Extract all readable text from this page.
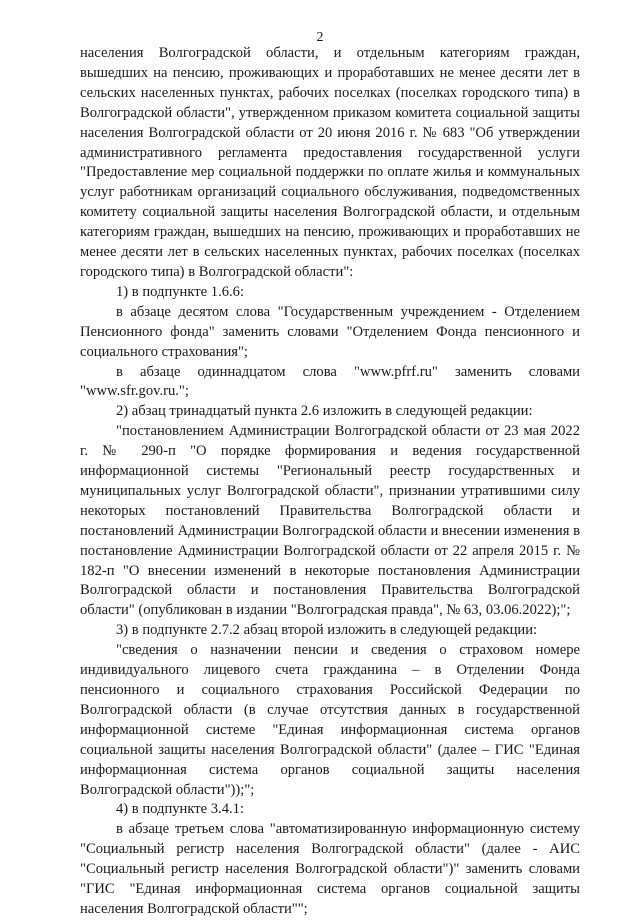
2

населения Волгоградской области, и отдельным категориям граждан, вышедших на пенсию, проживающих и проработавших не менее десяти лет в сельских населенных пунктах, рабочих поселках (поселках городского типа) в Волгоградской области", утвержденном приказом комитета социальной защиты населения Волгоградской области от 20 июня 2016 г. № 683 "Об утверждении административного регламента предоставления государственной услуги "Предоставление мер социальной поддержки по оплате жилья и коммунальных услуг работникам организаций социального обслуживания, подведомственных комитету социальной защиты населения Волгоградской области, и отдельным категориям граждан, вышедших на пенсию, проживающих и проработавших не менее десяти лет в сельских населенных пунктах, рабочих поселках (поселках городского типа) в Волгоградской области":

1) в подпункте 1.6.6:

в абзаце десятом слова "Государственным учреждением - Отделением Пенсионного фонда" заменить словами "Отделением Фонда пенсионного и социального страхования";

в абзаце одиннадцатом слова "www.pfrf.ru" заменить словами "www.sfr.gov.ru.";

2) абзац тринадцатый пункта 2.6 изложить в следующей редакции:

"постановлением Администрации Волгоградской области от 23 мая 2022 г. № 290-п "О порядке формирования и ведения государственной информационной системы "Региональный реестр государственных и муниципальных услуг Волгоградской области", признании утратившими силу некоторых постановлений Правительства Волгоградской области и постановлений Администрации Волгоградской области и внесении изменения в постановление Администрации Волгоградской области от 22 апреля 2015 г. № 182-п "О внесении изменений в некоторые постановления Администрации Волгоградской области и постановления Правительства Волгоградской области" (опубликован в издании "Волгоградская правда", № 63, 03.06.2022);";

3) в подпункте 2.7.2 абзац второй изложить в следующей редакции:

"сведения о назначении пенсии и сведения о страховом номере индивидуального лицевого счета гражданина – в Отделении Фонда пенсионного и социального страхования Российской Федерации по Волгоградской области (в случае отсутствия данных в государственной информационной системе "Единая информационная система органов социальной защиты населения Волгоградской области" (далее – ГИС "Единая информационная система органов социальной защиты населения Волгоградской области"));";

4) в подпункте 3.4.1:

в абзаце третьем слова "автоматизированную информационную систему "Социальный регистр населения Волгоградской области" (далее - АИС "Социальный регистр населения Волгоградской области")" заменить словами "ГИС "Единая информационная система органов социальной защиты населения Волгоградской области"";
